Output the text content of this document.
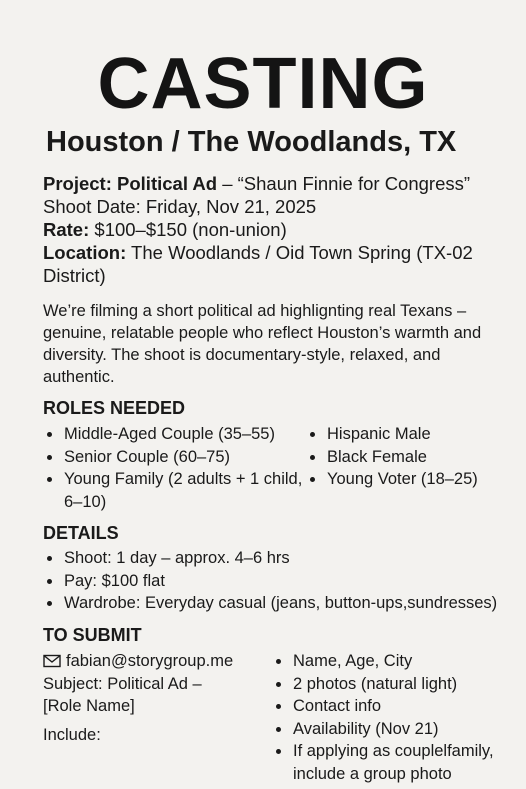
CASTING
Houston / The Woodlands, TX
Project: Political Ad – “Shaun Finnie for Congress”
Shoot Date: Friday, Nov 21, 2025
Rate: $100–$150 (non-union)
Location: The Woodlands / Oid Town Spring (TX-02 District)
We’re filming a short political ad highlignting real Texans – genuine, relatable people who reflect Houston’s warmth and diversity. The shoot is documentary-style, relaxed, and authentic.
ROLES NEEDED
Middle-Aged Couple (35–55)
Senior Couple (60–75)
Young Family (2 adults + 1 child, 6–10)
Hispanic Male
Black Female
Young Voter (18–25)
DETAILS
Shoot: 1 day – approx. 4–6 hrs
Pay: $100 flat
Wardrobe: Everyday casual (jeans, button-ups,sundresses)
TO SUBMIT
fabian@storygroup.me
Subject: Political Ad –
[Role Name]
Include:
Name, Age, City
2 photos (natural light)
Contact info
Availability (Nov 21)
If applying as couplelfamily, include a group photo
